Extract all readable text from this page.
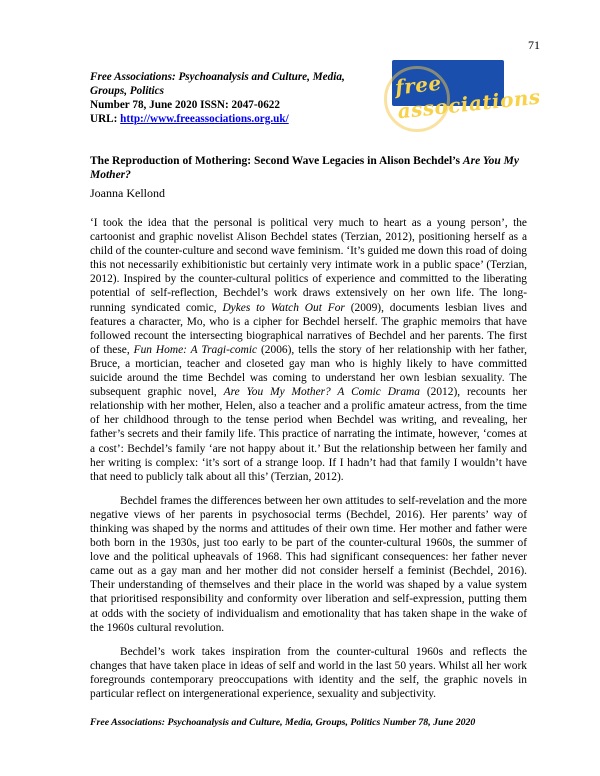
71
Free Associations: Psychoanalysis and Culture, Media,
Groups, Politics
Number 78, June 2020 ISSN: 2047-0622
URL: http://www.freeassociations.org.uk/
free associations
The Reproduction of Mothering: Second Wave Legacies in Alison Bechdel’s Are You My Mother?
Joanna Kellond

‘I took the idea that the personal is political very much to heart as a young person’, the cartoonist and graphic novelist Alison Bechdel states (Terzian, 2012), positioning herself as a child of the counter-culture and second wave feminism. ‘It’s guided me down this road of doing this not necessarily exhibitionistic but certainly very intimate work in a public space’ (Terzian, 2012). Inspired by the counter-cultural politics of experience and committed to the liberating potential of self-reflection, Bechdel’s work draws extensively on her own life. The long-running syndicated comic, Dykes to Watch Out For (2009), documents lesbian lives and features a character, Mo, who is a cipher for Bechdel herself. The graphic memoirs that have followed recount the intersecting biographical narratives of Bechdel and her parents. The first of these, Fun Home: A Tragi-comic (2006), tells the story of her relationship with her father, Bruce, a mortician, teacher and closeted gay man who is highly likely to have committed suicide around the time Bechdel was coming to understand her own lesbian sexuality. The subsequent graphic novel, Are You My Mother? A Comic Drama (2012), recounts her relationship with her mother, Helen, also a teacher and a prolific amateur actress, from the time of her childhood through to the tense period when Bechdel was writing, and revealing, her father’s secrets and their family life. This practice of narrating the intimate, however, ‘comes at a cost’: Bechdel’s family ‘are not happy about it.’ But the relationship between her family and her writing is complex: ‘it’s sort of a strange loop. If I hadn’t had that family I wouldn’t have that need to publicly talk about all this’ (Terzian, 2012).

Bechdel frames the differences between her own attitudes to self-revelation and the more negative views of her parents in psychosocial terms (Bechdel, 2016). Her parents’ way of thinking was shaped by the norms and attitudes of their own time. Her mother and father were both born in the 1930s, just too early to be part of the counter-cultural 1960s, the summer of love and the political upheavals of 1968. This had significant consequences: her father never came out as a gay man and her mother did not consider herself a feminist (Bechdel, 2016). Their understanding of themselves and their place in the world was shaped by a value system that prioritised responsibility and conformity over liberation and self-expression, putting them at odds with the society of individualism and emotionality that has taken shape in the wake of the 1960s cultural revolution.

Bechdel’s work takes inspiration from the counter-cultural 1960s and reflects the changes that have taken place in ideas of self and world in the last 50 years. Whilst all her work foregrounds contemporary preoccupations with identity and the self, the graphic novels in particular reflect on intergenerational experience, sexuality and subjectivity.

Free Associations: Psychoanalysis and Culture, Media, Groups, Politics Number 78, June 2020
